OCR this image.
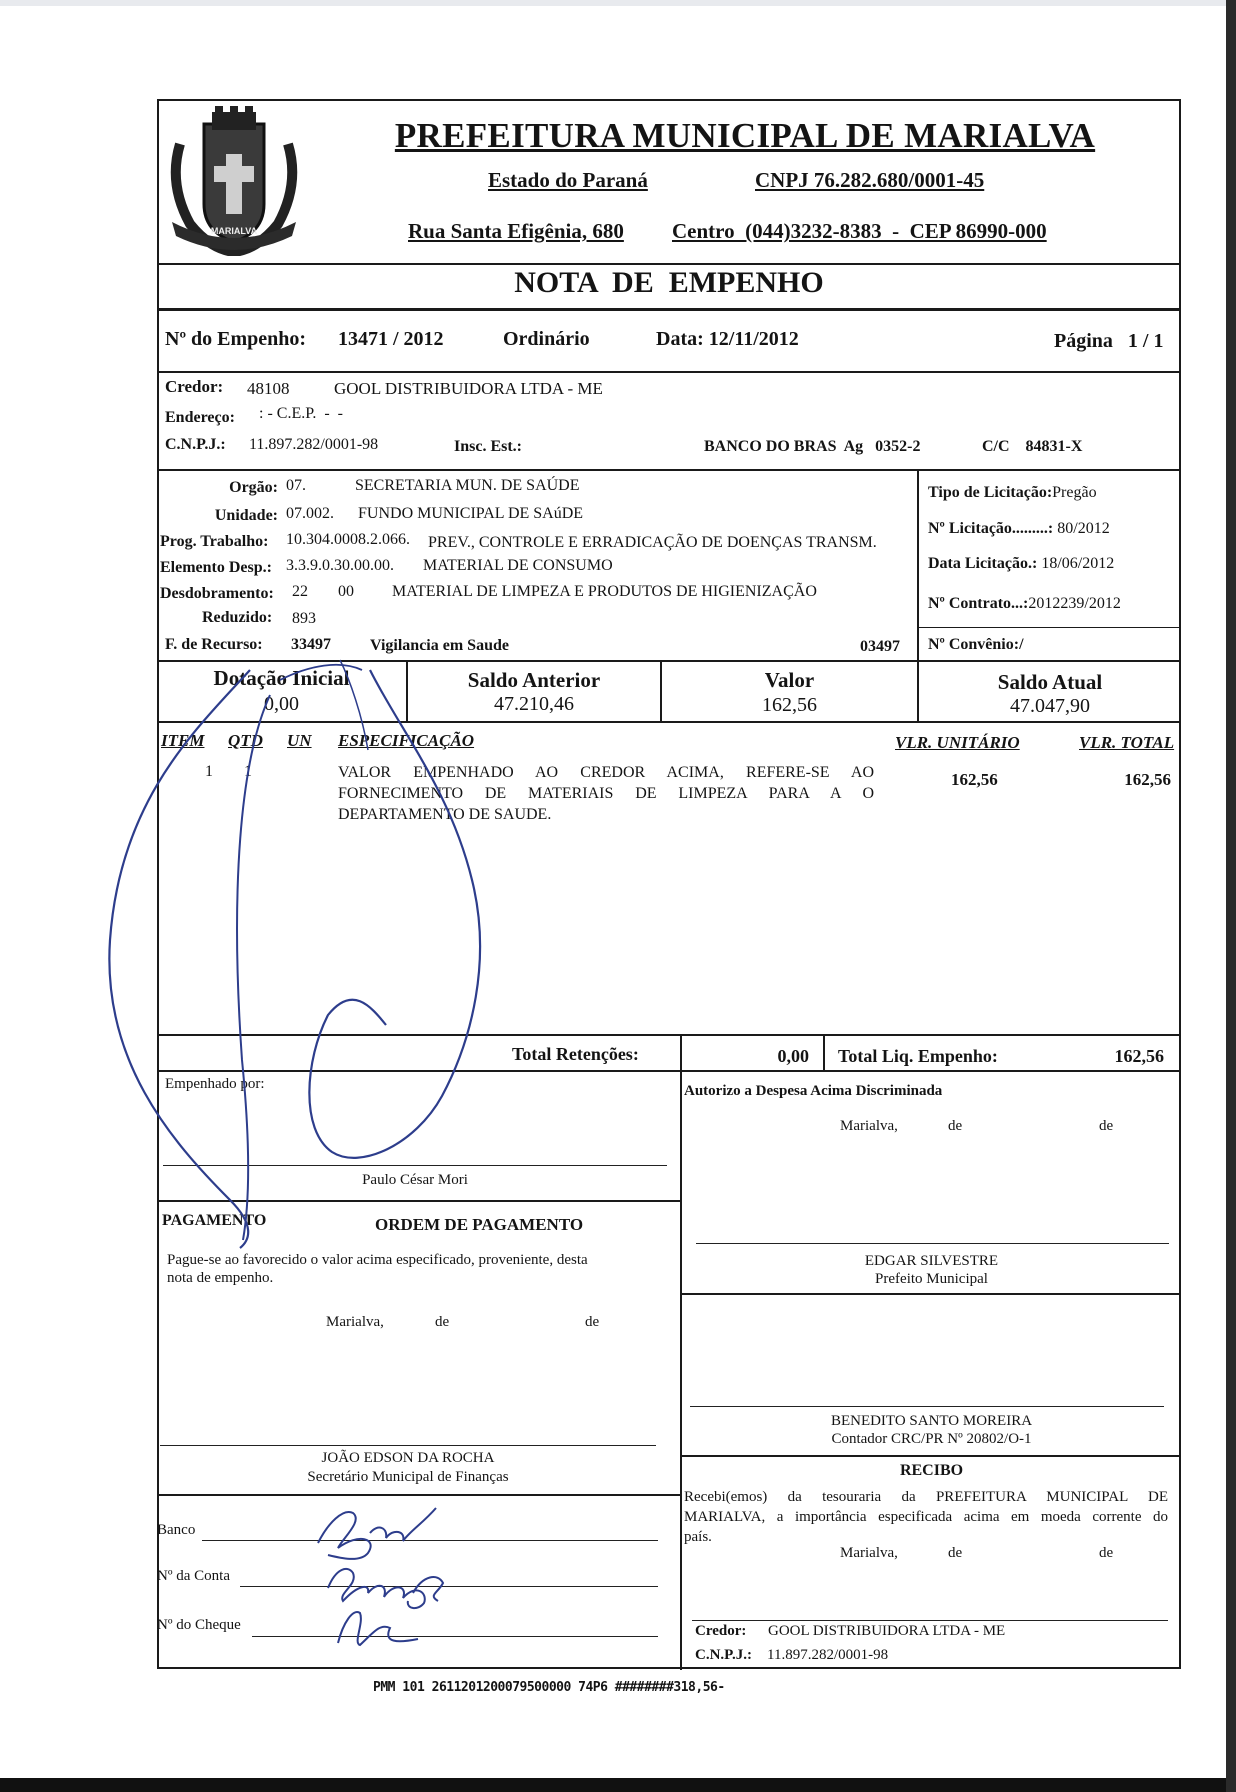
MARIALVA
PREFEITURA MUNICIPAL DE MARIALVA
Estado do Paraná	CNPJ 76.282.680/0001-45
Rua Santa Efigênia, 680 Centro  (044)3232-8383  -  CEP 86990-000
NOTA  DE  EMPENHO
Nº do Empenho: 13471 / 2012	Ordinário	Data: 12/11/2012	Página   1 / 1
Credor: 48108	GOOL DISTRIBUIDORA LTDA - ME
Endereço: : - C.E.P.  -  -
C.N.P.J.: 11.897.282/0001-98	Insc. Est.:	BANCO DO BRAS  Ag   0352-2	C/C    84831-X
Orgão: 07.	SECRETARIA MUN. DE SAÚDE
Unidade: 07.002. FUNDO MUNICIPAL DE SAúDE
Prog. Trabalho: 10.304.0008.2.066. PREV., CONTROLE E ERRADICAÇÃO DE DOENÇAS TRANSM.
Elemento Desp.: 3.3.9.0.30.00.00. MATERIAL DE CONSUMO
Desdobramento: 22 00 MATERIAL DE LIMPEZA E PRODUTOS DE HIGIENIZAÇÃO
Reduzido: 893
F. de Recurso: 33497 Vigilancia em Saude	03497
Tipo de Licitação:Pregão
Nº Licitação.........: 80/2012
Data Licitação.: 18/06/2012
Nº Contrato...:2012239/2012
Nº Convênio:/
Dotação Inicial
0,00
Saldo Anterior
47.210,46
Valor
162,56
Saldo Atual
47.047,90
ITEM QTD UN ESPECIFICAÇÃO	VLR. UNITÁRIO	VLR. TOTAL
1 1	VALOR EMPENHADO AO CREDOR ACIMA, REFERE-SE AO
FORNECIMENTO DE MATERIAIS DE LIMPEZA PARA A O
DEPARTAMENTO DE SAUDE.
162,56	162,56
Total Retenções:	0,00 Total Liq. Empenho:	162,56
Empenhado por:
Paulo César Mori
PAGAMENTO	ORDEM DE PAGAMENTO
Pague-se ao favorecido o valor acima especificado, proveniente, desta
nota de empenho.
Marialva,	de	de
JOÃO EDSON DA ROCHA
Secretário Municipal de Finanças
Banco
Nº da Conta
Nº do Cheque
Autorizo a Despesa Acima Discriminada
Marialva,	de	de
EDGAR SILVESTRE
Prefeito Municipal
BENEDITO SANTO MOREIRA
Contador CRC/PR Nº 20802/O-1
RECIBO
Recebi(emos) da tesouraria da PREFEITURA MUNICIPAL DE
MARIALVA, a importância especificada acima em moeda corrente do
país.
Marialva,	de	de
Credor: GOOL DISTRIBUIDORA LTDA - ME
C.N.P.J.: 11.897.282/0001-98
PMM 101 2611201200079500000 74P6 ########318,56-
